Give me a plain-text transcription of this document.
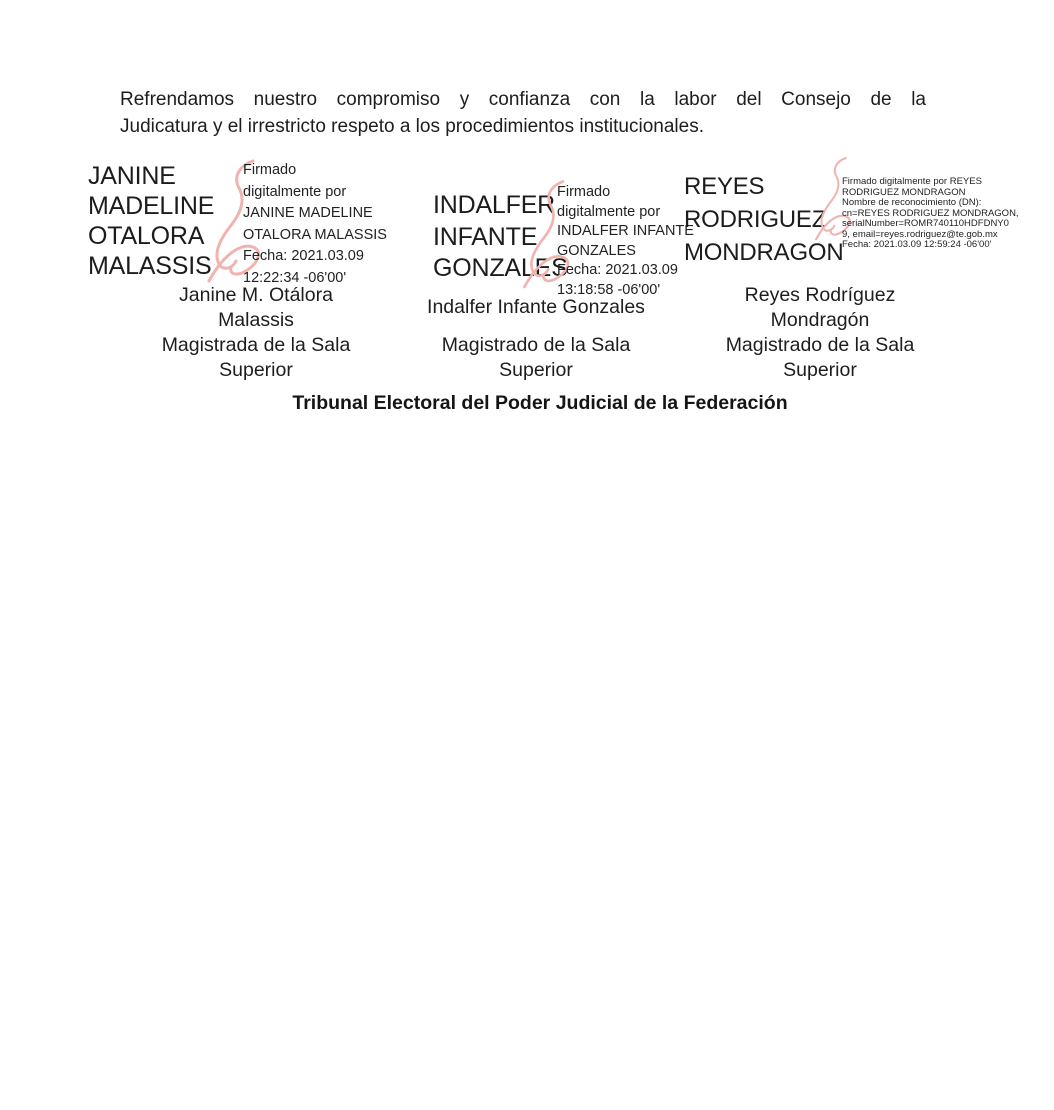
Refrendamos nuestro compromiso y confianza con la labor del Consejo de la
Judicatura y el irrestricto respeto a los procedimientos institucionales.
JANINE
MADELINE
OTALORA
MALASSIS
Firmado
digitalmente por
JANINE MADELINE
OTALORA MALASSIS
Fecha: 2021.03.09
12:22:34 -06'00'
INDALFER
INFANTE
GONZALES
Firmado
digitalmente por
INDALFER INFANTE
GONZALES
Fecha: 2021.03.09
13:18:58 -06'00'
REYES
RODRIGUEZ
MONDRAGON
Firmado digitalmente por REYES
RODRIGUEZ MONDRAGON
Nombre de reconocimiento (DN):
cn=REYES RODRIGUEZ MONDRAGON,
serialNumber=ROMR740110HDFDNY0
9, email=reyes.rodriguez@te.gob.mx
Fecha: 2021.03.09 12:59:24 -06'00'
Janine M. Otálora
Malassis
Indalfer Infante Gonzales
Reyes Rodríguez
Mondragón
Magistrada de la Sala
Superior
Magistrado de la Sala
Superior
Magistrado de la Sala
Superior
Tribunal Electoral del Poder Judicial de la Federación
